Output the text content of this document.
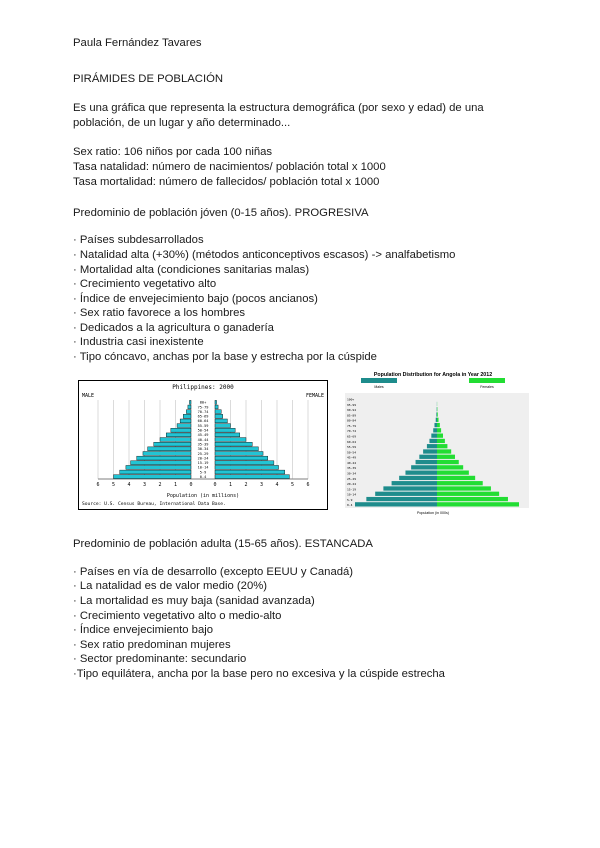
Paula Fernández Tavares
PIRÁMIDES DE POBLACIÓN
Es una gráfica que representa la estructura demográfica (por sexo y edad) de una
población, de un lugar y año determinado...
Sex ratio: 106 niños por cada 100 niñas
Tasa natalidad: número de nacimientos/ población total x 1000
Tasa mortalidad: número de fallecidos/ población total x 1000
Predominio de población jóven (0-15 años). PROGRESIVA
· Países subdesarrollados
· Natalidad alta (+30%) (métodos anticonceptivos escasos) -> analfabetismo
· Mortalidad alta (condiciones sanitarias malas)
· Crecimiento vegetativo alto
· Índice de envejecimiento bajo (pocos ancianos)
· Sex ratio favorece a los hombres
· Dedicados a la agricultura o ganadería
· Industria casi inexistente
· Tipo cóncavo, anchas por la base y estrecha por la cúspide
Predominio de población adulta (15-65 años). ESTANCADA
· Países en vía de desarrollo (excepto EEUU y Canadá)
· La natalidad es de valor medio (20%)
· La mortalidad es muy baja (sanidad avanzada)
· Crecimiento vegetativo alto o medio-alto
· Índice envejecimiento bajo
· Sex ratio predominan mujeres
· Sector predominante: secundario
·Tipo equilátera, ancha por la base pero no excesiva y la cúspide estrecha
Philippines: 2000
MALE	FEMALE
80+
75-79
70-74
65-69
60-64
55-59
50-54
45-49
40-44
35-39
30-34
25-29
20-24
15-19
10-14
5-9
0-4
6 5 4 3 2 1 0	0 1 2 3 4 5 6
Population (in millions)
Source: U.S. Census Bureau, International Data Base.
Population Distribution for Angola in Year 2012
Males	Females
100+
95-99
90-94
85-89
80-84
75-79
70-74
65-69
60-64
55-59
50-54
45-49
40-44
35-39
30-34
25-29
20-24
15-19
10-14
5-9
0-4
Population (in 000s)
